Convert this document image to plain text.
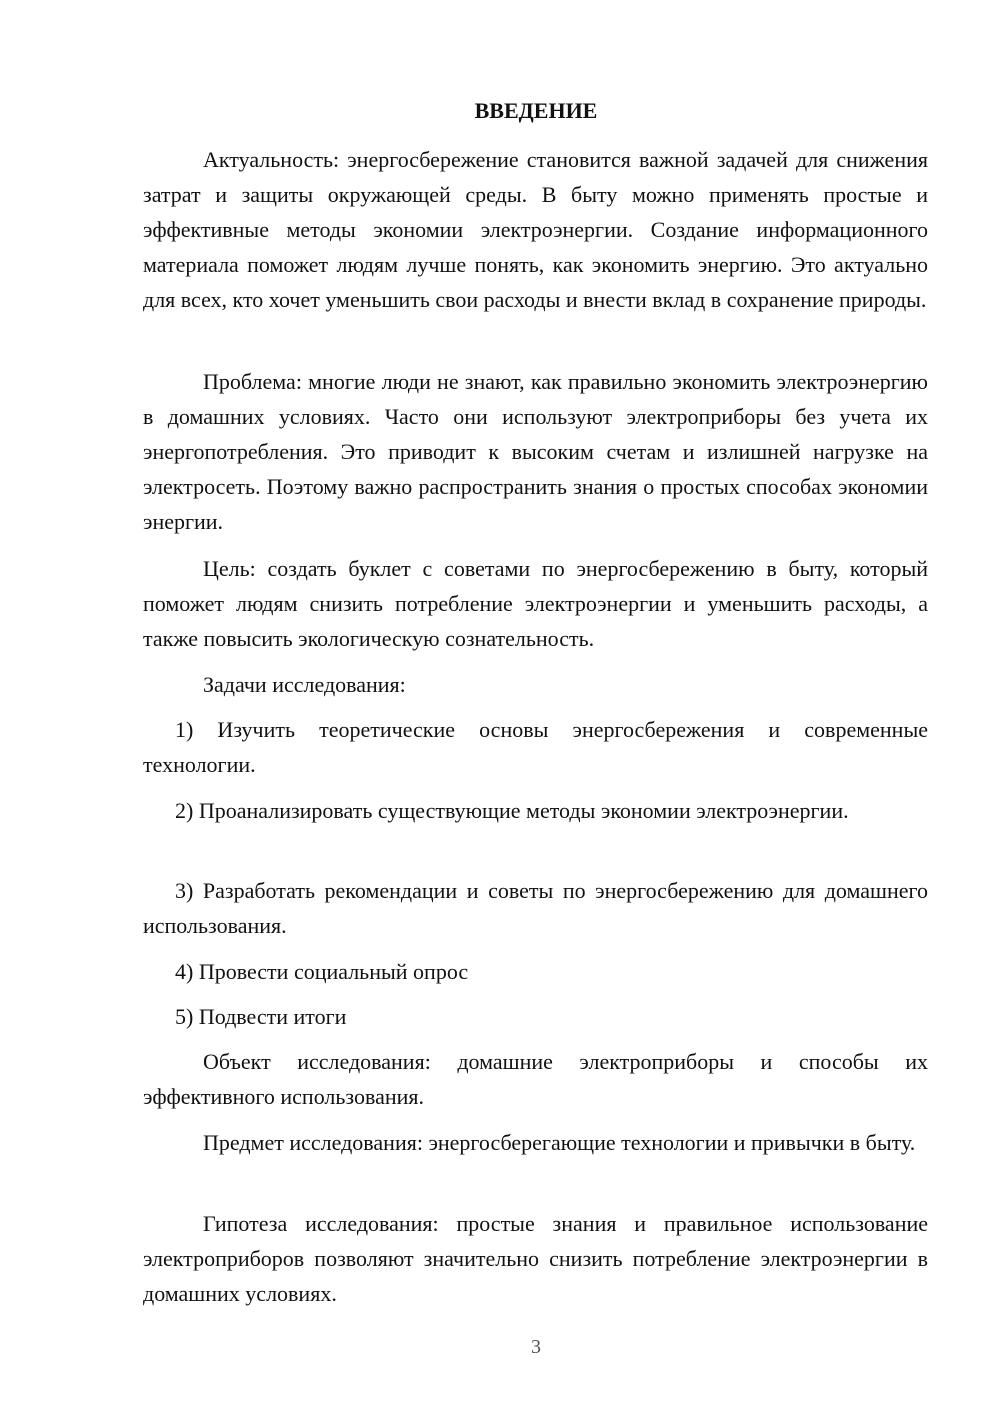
ВВЕДЕНИЕ

Актуальность: энергосбережение становится важной задачей для снижения затрат и защиты окружающей среды. В быту можно применять простые и эффективные методы экономии электроэнергии. Создание информационного материала поможет людям лучше понять, как экономить энергию. Это актуально для всех, кто хочет уменьшить свои расходы и внести вклад в сохранение природы.

Проблема: многие люди не знают, как правильно экономить электроэнергию в домашних условиях. Часто они используют электроприборы без учета их энергопотребления. Это приводит к высоким счетам и излишней нагрузке на электросеть. Поэтому важно распространить знания о простых способах экономии энергии.

Цель: создать буклет с советами по энергосбережению в быту, который поможет людям снизить потребление электроэнергии и уменьшить расходы, а также повысить экологическую сознательность.

Задачи исследования:

1) Изучить теоретические основы энергосбережения и современные технологии.

2) Проанализировать существующие методы экономии электроэнергии.

3) Разработать рекомендации и советы по энергосбережению для домашнего использования.

4) Провести социальный опрос

5) Подвести итоги

Объект исследования: домашние электроприборы и способы их эффективного использования.

Предмет исследования: энергосберегающие технологии и привычки в быту.

Гипотеза исследования: простые знания и правильное использование электроприборов позволяют значительно снизить потребление электроэнергии в домашних условиях.

3
